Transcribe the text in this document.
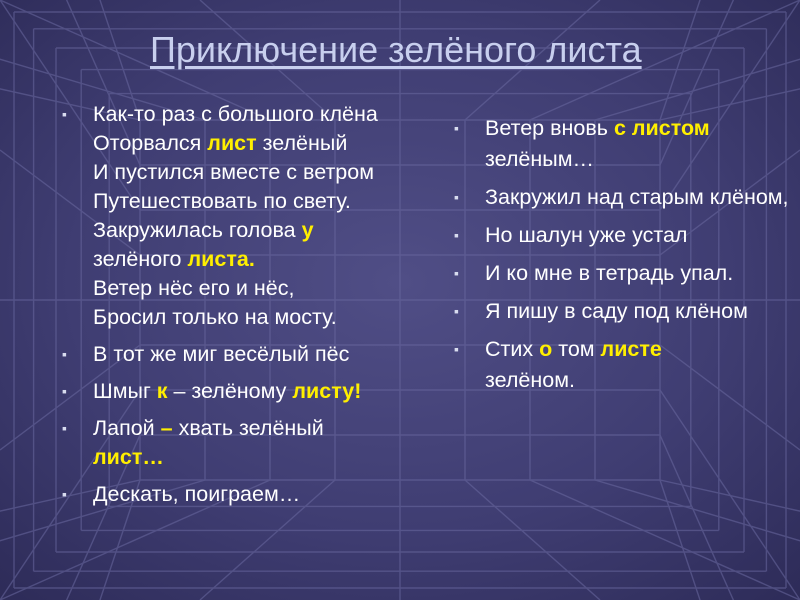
Приключение зелёного листа
▪ Как-то раз с большого клёна
Оторвался лист зелёный
И пустился вместе с ветром
Путешествовать по свету.
Закружилась голова у
зелёного листа.
Ветер нёс его и нёс,
Бросил только на мосту.
▪ В тот же миг весёлый пёс
▪ Шмыг к – зелёному листу!
▪ Лапой – хвать зелёный
лист…
▪ Дескать, поиграем…
▪ Ветер вновь с листом
зелёным…
▪ Закружил над старым клёном,
▪ Но шалун уже устал
▪ И ко мне в тетрадь упал.
▪ Я пишу в саду под клёном
▪ Стих о том листе
зелёном.
